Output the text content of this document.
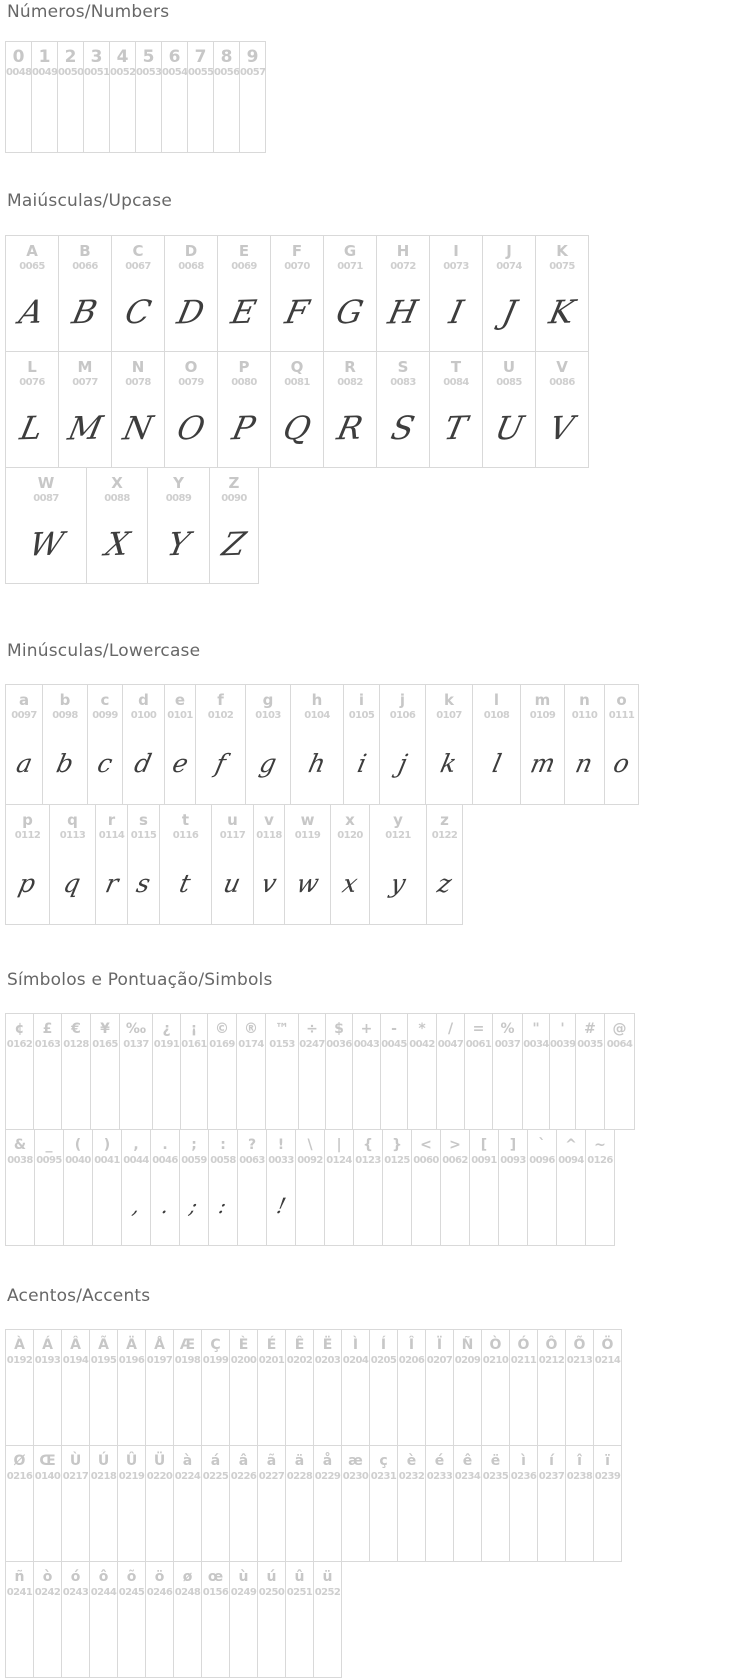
Números/Numbers
0
0048
1
0049
2
0050
3
0051
4
0052
5
0053
6
0054
7
0055
8
0056
9
0057
Maiúsculas/Upcase
A
0065
A
B
0066
B
C
0067
C
D
0068
D
E
0069
E
F
0070
F
G
0071
G
H
0072
H
I
0073
I
J
0074
J
K
0075
K
L
0076
L
M
0077
M
N
0078
N
O
0079
O
P
0080
P
Q
0081
Q
R
0082
R
S
0083
S
T
0084
T
U
0085
U
V
0086
V
W
0087
W
X
0088
X
Y
0089
Y
Z
0090
Z
Minúsculas/Lowercase
a
0097
a
b
0098
b
c
0099
c
d
0100
d
e
0101
e
f
0102
f
g
0103
g
h
0104
h
i
0105
i
j
0106
j
k
0107
k
l
0108
l
m
0109
m
n
0110
n
o
0111
o
p
0112
p
q
0113
q
r
0114
r
s
0115
s
t
0116
t
u
0117
u
v
0118
v
w
0119
w
x
0120
x
y
0121
y
z
0122
z
Símbolos e Pontuação/Simbols
¢
0162
£
0163
€
0128
¥
0165
‰
0137
¿
0191
¡
0161
©
0169
®
0174
™
0153
÷
0247
$
0036
+
0043
-
0045
*
0042
/
0047
=
0061
%
0037
"
0034
'
0039
#
0035
@
0064
&
0038
_
0095
(
0040
)
0041
,
0044
,
.
0046
.
;
0059
;
:
0058
:
?
0063
!
0033
!
\
0092
|
0124
{
0123
}
0125
<
0060
>
0062
[
0091
]
0093
`
0096
^
0094
~
0126
Acentos/Accents
À
0192
Á
0193
Â
0194
Ã
0195
Ä
0196
Å
0197
Æ
0198
Ç
0199
È
0200
É
0201
Ê
0202
Ë
0203
Ì
0204
Í
0205
Î
0206
Ï
0207
Ñ
0209
Ò
0210
Ó
0211
Ô
0212
Õ
0213
Ö
0214
Ø
0216
Œ
0140
Ù
0217
Ú
0218
Û
0219
Ü
0220
à
0224
á
0225
â
0226
ã
0227
ä
0228
å
0229
æ
0230
ç
0231
è
0232
é
0233
ê
0234
ë
0235
ì
0236
í
0237
î
0238
ï
0239
ñ
0241
ò
0242
ó
0243
ô
0244
õ
0245
ö
0246
ø
0248
œ
0156
ù
0249
ú
0250
û
0251
ü
0252
